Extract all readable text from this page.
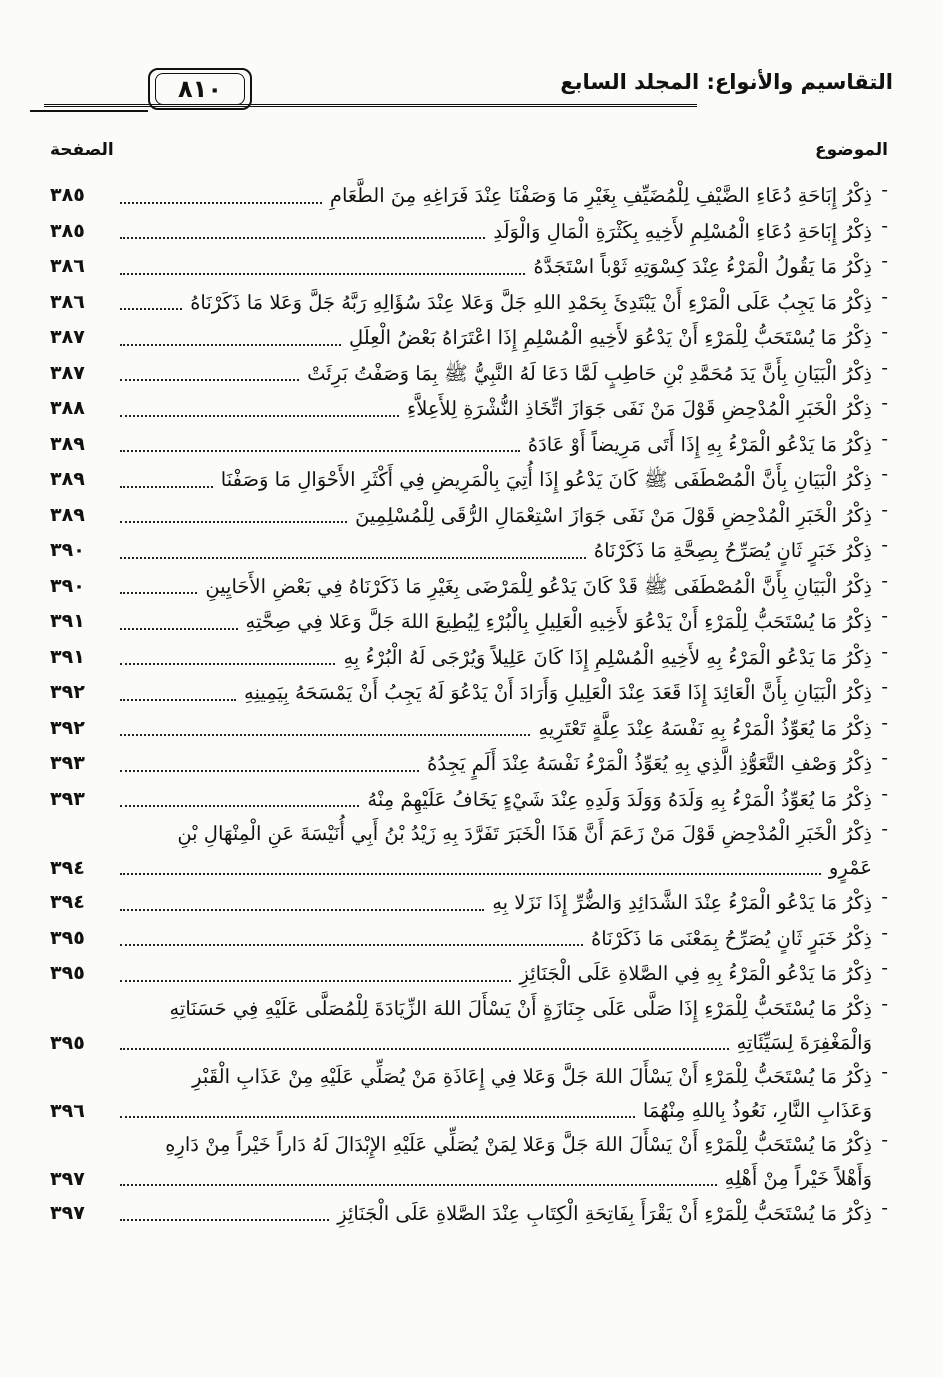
التقاسيم والأنواع: المجلد السابع
٨١٠
الموضوع
الصفحة
- ذِكْرُ إِبَاحَةِ دُعَاءِ الضَّيْفِ لِلْمُضَيِّفِ بِغَيْرِ مَا وَصَفْنَا عِنْدَ فَرَاغِهِ مِنَ الطَّعَامِ
٣٨٥
- ذِكْرُ إِبَاحَةِ دُعَاءِ الْمُسْلِمِ لأَخِيهِ بِكَثْرَةِ الْمَالِ وَالْوَلَدِ
٣٨٥
- ذِكْرُ مَا يَقُولُ الْمَرْءُ عِنْدَ كِسْوَتِهِ ثَوْباً اسْتَجَدَّهُ
٣٨٦
- ذِكْرُ مَا يَجِبُ عَلَى الْمَرْءِ أَنْ يَبْتَدِئَ بِحَمْدِ اللهِ جَلَّ وَعَلا عِنْدَ سُؤَالِهِ رَبَّهُ جَلَّ وَعَلا مَا ذَكَرْنَاهُ
٣٨٦
- ذِكْرُ مَا يُسْتَحَبُّ لِلْمَرْءِ أَنْ يَدْعُوَ لأَخِيهِ الْمُسْلِمِ إِذَا اعْتَرَاهُ بَعْضُ الْعِلَلِ
٣٨٧
- ذِكْرُ الْبَيَانِ بِأَنَّ يَدَ مُحَمَّدِ بْنِ حَاطِبٍ لَمَّا دَعَا لَهُ النَّبِيُّ ﷺ بِمَا وَصَفْتُ بَرِئَتْ
٣٨٧
- ذِكْرُ الْخَبَرِ الْمُدْحِضِ قَوْلَ مَنْ نَفَى جَوَازَ اتِّخَاذِ النُّشْرَةِ لِلأَعِلاَّءِ
٣٨٨
- ذِكْرُ مَا يَدْعُو الْمَرْءُ بِهِ إِذَا أَتَى مَرِيضاً أَوْ عَادَهُ
٣٨٩
- ذِكْرُ الْبَيَانِ بِأَنَّ الْمُصْطَفَى ﷺ كَانَ يَدْعُو إِذَا أُتِيَ بِالْمَرِيضِ فِي أَكْثَرِ الأَحْوَالِ مَا وَصَفْنَا
٣٨٩
- ذِكْرُ الْخَبَرِ الْمُدْحِضِ قَوْلَ مَنْ نَفَى جَوَازَ اسْتِعْمَالِ الرُّقَى لِلْمُسْلِمِينَ
٣٨٩
- ذِكْرُ خَبَرٍ ثَانٍ يُصَرِّحُ بِصِحَّةِ مَا ذَكَرْنَاهُ
٣٩٠
- ذِكْرُ الْبَيَانِ بِأَنَّ الْمُصْطَفَى ﷺ قَدْ كَانَ يَدْعُو لِلْمَرْضَى بِغَيْرِ مَا ذَكَرْنَاهُ فِي بَعْضِ الأَحَايِينِ
٣٩٠
- ذِكْرُ مَا يُسْتَحَبُّ لِلْمَرْءِ أَنْ يَدْعُوَ لأَخِيهِ الْعَلِيلِ بِالْبُرْءِ لِيُطِيعَ اللهَ جَلَّ وَعَلا فِي صِحَّتِهِ
٣٩١
- ذِكْرُ مَا يَدْعُو الْمَرْءُ بِهِ لأَخِيهِ الْمُسْلِمِ إِذَا كَانَ عَلِيلاً وَيُرْجَى لَهُ الْبُرْءُ بِهِ
٣٩١
- ذِكْرُ الْبَيَانِ بِأَنَّ الْعَائِدَ إِذَا قَعَدَ عِنْدَ الْعَلِيلِ وَأَرَادَ أَنْ يَدْعُوَ لَهُ يَجِبُ أَنْ يَمْسَحَهُ بِيَمِينِهِ
٣٩٢
- ذِكْرُ مَا يُعَوِّذُ الْمَرْءُ بِهِ نَفْسَهُ عِنْدَ عِلَّةٍ تَعْتَرِيهِ
٣٩٢
- ذِكْرُ وَصْفِ التَّعَوُّذِ الَّذِي بِهِ يُعَوِّذُ الْمَرْءُ نَفْسَهُ عِنْدَ أَلَمٍ يَجِدُهُ
٣٩٣
- ذِكْرُ مَا يُعَوِّذُ الْمَرْءُ بِهِ وَلَدَهُ وَوَلَدَ وَلَدِهِ عِنْدَ شَيْءٍ يَخَافُ عَلَيْهِمْ مِنْهُ
٣٩٣
- ذِكْرُ الْخَبَرِ الْمُدْحِضِ قَوْلَ مَنْ زَعَمَ أَنَّ هَذَا الْخَبَرَ تَفَرَّدَ بِهِ زَيْدُ بْنُ أَبِي أُنَيْسَةَ عَنِ الْمِنْهَالِ بْنِ
عَمْرٍو
٣٩٤
- ذِكْرُ مَا يَدْعُو الْمَرْءُ عِنْدَ الشَّدَائِدِ وَالضُّرِّ إِذَا نَزَلا بِهِ
٣٩٤
- ذِكْرُ خَبَرٍ ثَانٍ يُصَرِّحُ بِمَعْنَى مَا ذَكَرْنَاهُ
٣٩٥
- ذِكْرُ مَا يَدْعُو الْمَرْءُ بِهِ فِي الصَّلاةِ عَلَى الْجَنَائِزِ
٣٩٥
- ذِكْرُ مَا يُسْتَحَبُّ لِلْمَرْءِ إِذَا صَلَّى عَلَى جِنَازَةٍ أَنْ يَسْأَلَ اللهَ الزِّيَادَةَ لِلْمُصَلَّى عَلَيْهِ فِي حَسَنَاتِهِ
وَالْمَغْفِرَةَ لِسَيِّئَاتِهِ
٣٩٥
- ذِكْرُ مَا يُسْتَحَبُّ لِلْمَرْءِ أَنْ يَسْأَلَ اللهَ جَلَّ وَعَلا فِي إِعَاذَةِ مَنْ يُصَلِّي عَلَيْهِ مِنْ عَذَابِ الْقَبْرِ
وَعَذَابِ النَّارِ، نَعُوذُ بِاللهِ مِنْهُمَا
٣٩٦
- ذِكْرُ مَا يُسْتَحَبُّ لِلْمَرْءِ أَنْ يَسْأَلَ اللهَ جَلَّ وَعَلا لِمَنْ يُصَلِّي عَلَيْهِ الإِبْدَالَ لَهُ دَاراً خَيْراً مِنْ دَارِهِ
وَأَهْلاً خَيْراً مِنْ أَهْلِهِ
٣٩٧
- ذِكْرُ مَا يُسْتَحَبُّ لِلْمَرْءِ أَنْ يَقْرَأَ بِفَاتِحَةِ الْكِتَابِ عِنْدَ الصَّلاةِ عَلَى الْجَنَائِزِ
٣٩٧
